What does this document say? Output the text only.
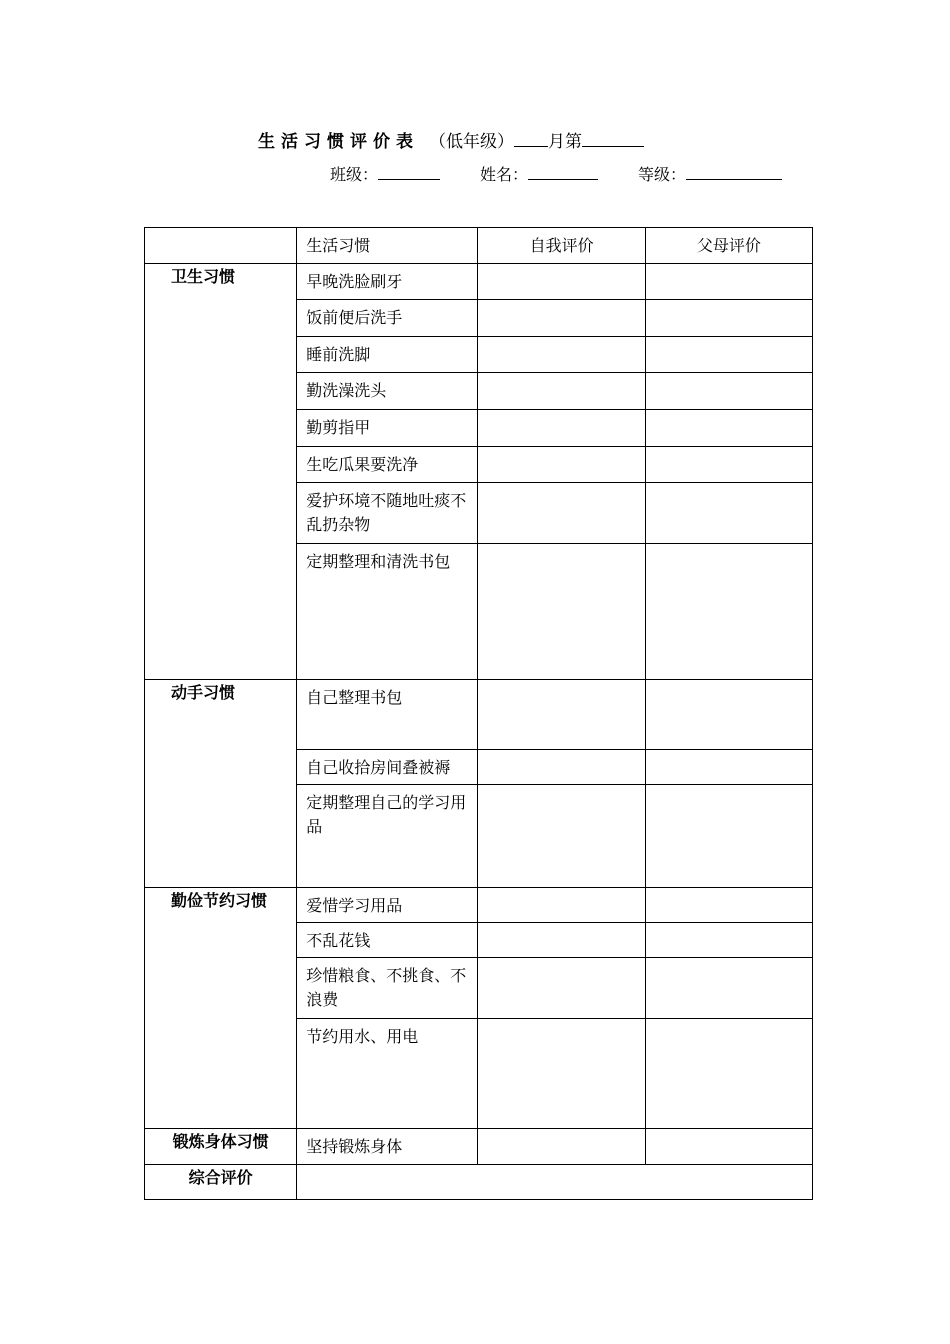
生活习惯评价表 （低年级） 月第
班级：	姓名：	等级：
	生活习惯	自我评价	父母评价
卫生习惯	早晚洗脸刷牙		
	饭前便后洗手		
	睡前洗脚		
	勤洗澡洗头		
	勤剪指甲		
	生吃瓜果要洗净		
	爱护环境不随地吐痰不乱扔杂物		
	定期整理和清洗书包		
动手习惯	自己整理书包		
	自己收拾房间叠被褥		
	定期整理自己的学习用品		
勤俭节约习惯	爱惜学习用品		
	不乱花钱		
	珍惜粮食、不挑食、不浪费		
	节约用水、用电		
锻炼身体习惯	坚持锻炼身体		
综合评价			
